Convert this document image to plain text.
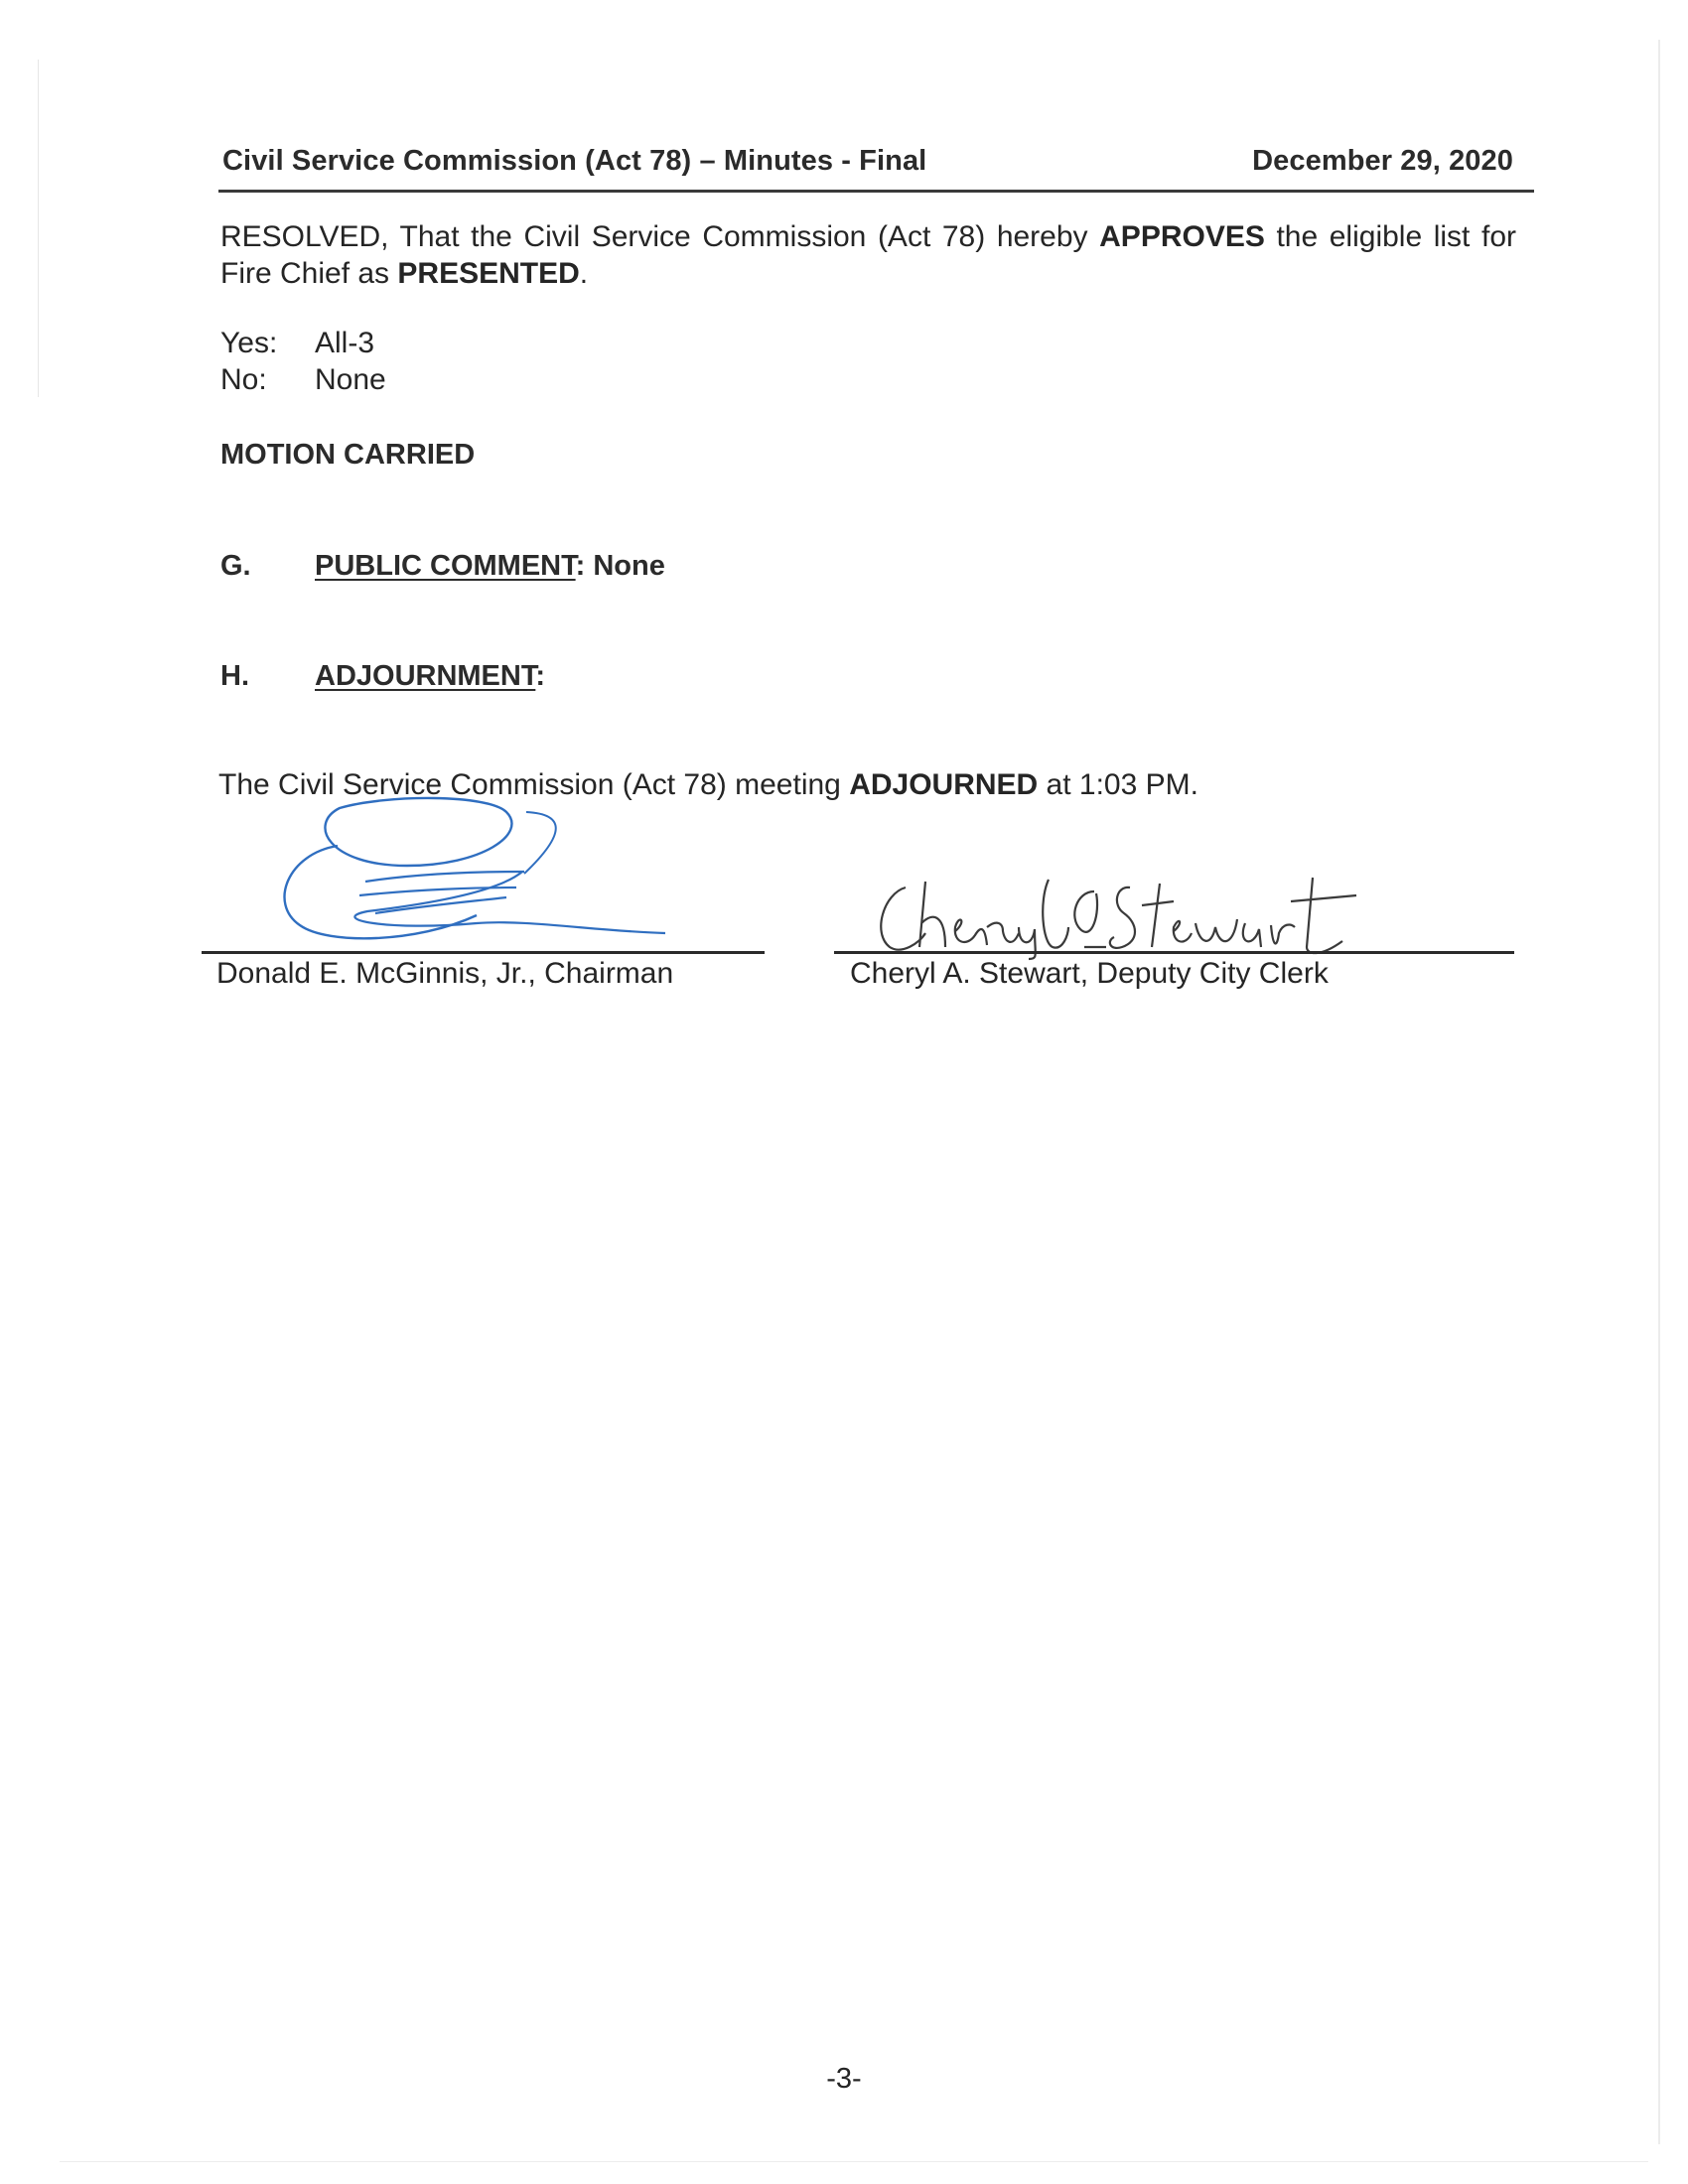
Civil Service Commission (Act 78) – Minutes - Final	December 29, 2020
RESOLVED, That the Civil Service Commission (Act 78) hereby APPROVES the eligible list for Fire Chief as PRESENTED.
Yes: All-3
No: None
MOTION CARRIED
G. PUBLIC COMMENT: None
H. ADJOURNMENT:
The Civil Service Commission (Act 78) meeting ADJOURNED at 1:03 PM.
Donald E. McGinnis, Jr., Chairman	Cheryl A. Stewart, Deputy City Clerk
-3-
